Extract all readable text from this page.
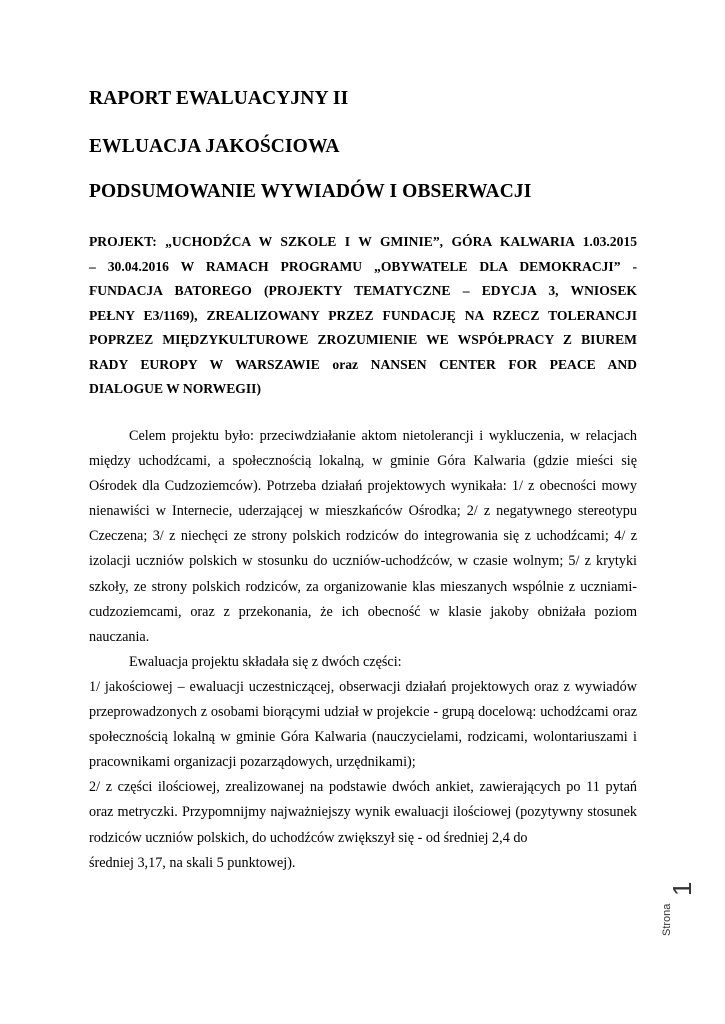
RAPORT EWALUACYJNY II
EWLUACJA JAKOŚCIOWA
PODSUMOWANIE WYWIADÓW I OBSERWACJI
PROJEKT: „UCHODŹCA W SZKOLE I W GMINIE”, GÓRA KALWARIA 1.03.2015
– 30.04.2016 W RAMACH PROGRAMU „OBYWATELE DLA DEMOKRACJI” -
FUNDACJA BATOREGO (PROJEKTY TEMATYCZNE – EDYCJA 3, WNIOSEK
PEŁNY E3/1169), ZREALIZOWANY PRZEZ FUNDACJĘ NA RZECZ TOLERANCJI
POPRZEZ MIĘDZYKULTUROWE ZROZUMIENIE WE WSPÓŁPRACY Z BIUREM
RADY EUROPY W WARSZAWIE oraz NANSEN CENTER FOR PEACE AND
DIALOGUE W NORWEGII)
Celem projektu było: przeciwdziałanie aktom nietolerancji i wykluczenia, w relacjach
między uchodźcami, a społecznością lokalną, w gminie Góra Kalwaria (gdzie mieści się
Ośrodek dla Cudzoziemców). Potrzeba działań projektowych wynikała: 1/ z obecności mowy
nienawiści w Internecie, uderzającej w mieszkańców Ośrodka; 2/ z negatywnego stereotypu
Czeczena; 3/ z niechęci ze strony polskich rodziców do integrowania się z uchodźcami; 4/ z
izolacji uczniów polskich w stosunku do uczniów-uchodźców, w czasie wolnym; 5/ z krytyki
szkoły, ze strony polskich rodziców, za organizowanie klas mieszanych wspólnie z uczniami-
cudzoziemcami, oraz z przekonania, że ich obecność w klasie jakoby obniżała poziom
nauczania.
Ewaluacja projektu składała się z dwóch części:
1/ jakościowej – ewaluacji uczestniczącej, obserwacji działań projektowych oraz z wywiadów
przeprowadzonych z osobami biorącymi udział w projekcie - grupą docelową: uchodźcami oraz
społecznością lokalną w gminie Góra Kalwaria (nauczycielami, rodzicami, wolontariuszami i
pracownikami organizacji pozarządowych, urzędnikami);
2/ z części ilościowej, zrealizowanej na podstawie dwóch ankiet, zawierających po 11 pytań
oraz metryczki. Przypomnijmy najważniejszy wynik ewaluacji ilościowej (pozytywny stosunek
rodziców uczniów polskich, do uchodźców zwiększył się - od średniej 2,4 do
średniej 3,17, na skali 5 punktowej).
Strona
1
